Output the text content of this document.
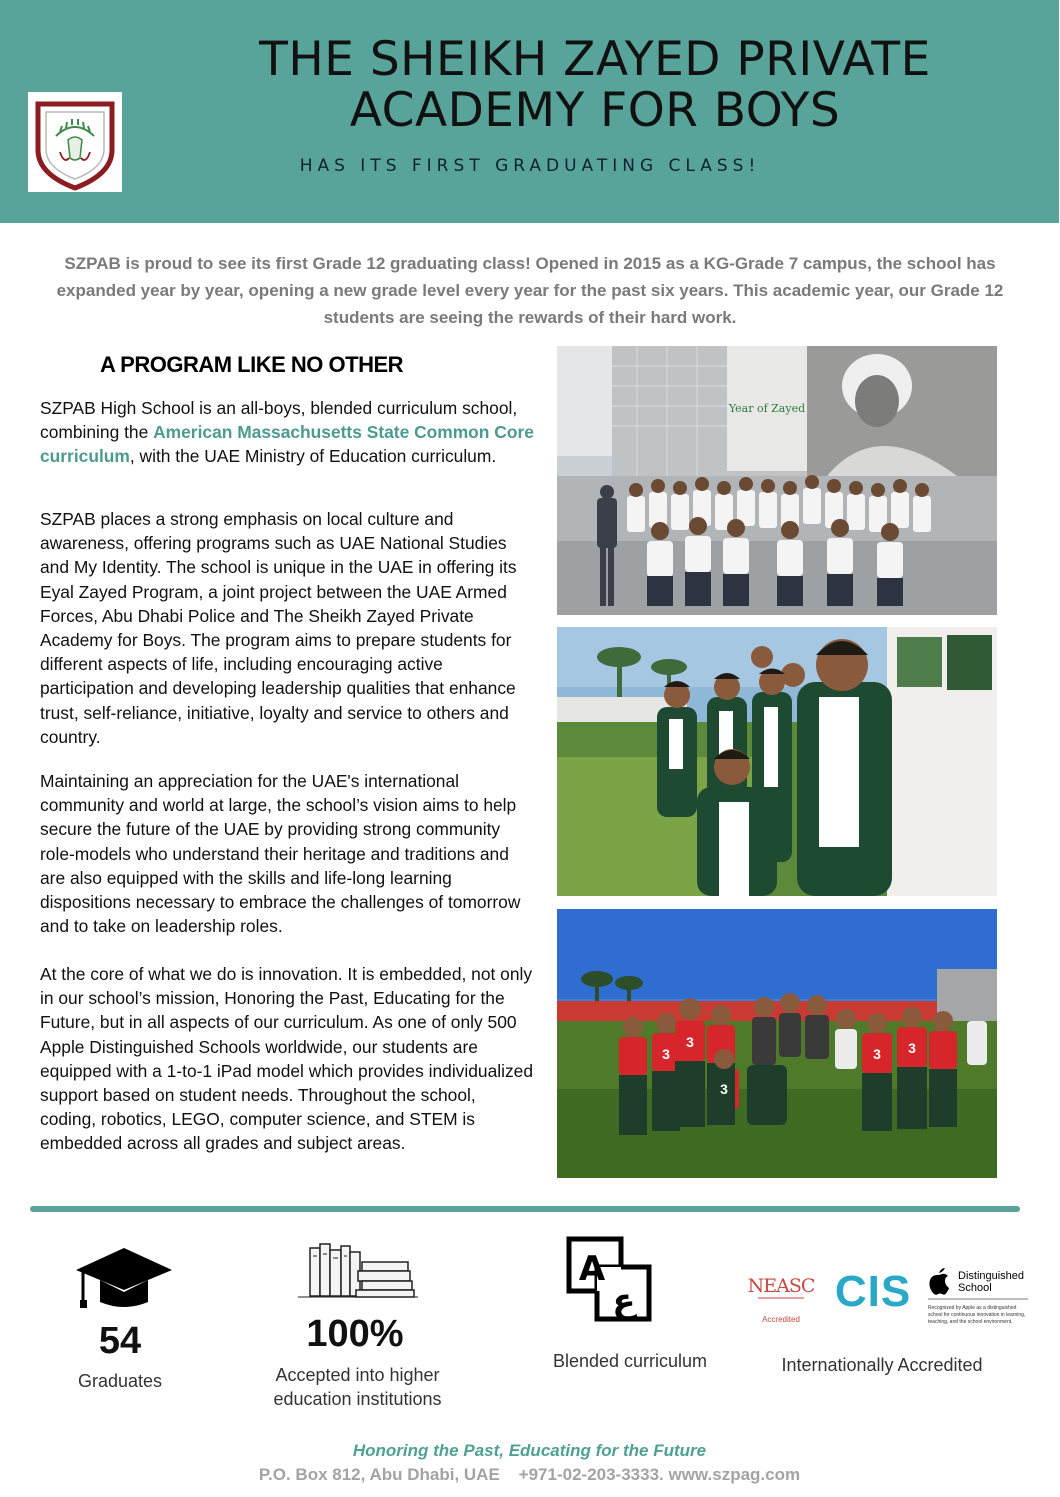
THE SHEIKH ZAYED PRIVATE
ACADEMY FOR BOYS
HAS ITS FIRST GRADUATING CLASS!
SZPAB is proud to see its first Grade 12 graduating class! Opened in 2015 as a KG-Grade 7 campus, the school has expanded year by year, opening a new grade level every year for the past six years. This academic year, our Grade 12 students are seeing the rewards of their hard work.
A PROGRAM LIKE NO OTHER
SZPAB High School is an all-boys, blended curriculum school, combining the American Massachusetts State Common Core curriculum, with the UAE Ministry of Education curriculum.
SZPAB places a strong emphasis on local culture and awareness, offering programs such as UAE National Studies and My Identity. The school is unique in the UAE in offering its Eyal Zayed Program, a joint project between the UAE Armed Forces, Abu Dhabi Police and The Sheikh Zayed Private Academy for Boys. The program aims to prepare students for different aspects of life, including encouraging active participation and developing leadership qualities that enhance trust, self-reliance, initiative, loyalty and service to others and country.
Maintaining an appreciation for the UAE's international community and world at large, the school’s vision aims to help secure the future of the UAE by providing strong community role-models who understand their heritage and traditions and are also equipped with the skills and life-long learning dispositions necessary to embrace the challenges of tomorrow and to take on leadership roles.
At the core of what we do is innovation. It is embedded, not only in our school’s mission, Honoring the Past, Educating for the Future, but in all aspects of our curriculum. As one of only 500 Apple Distinguished Schools worldwide, our students are equipped with a 1-to-1 iPad model which provides individualized support based on student needs. Throughout the school, coding, robotics, LEGO, computer science, and STEM is embedded across all grades and subject areas.
Year of Zayed
3
3
3 3
3
54
Graduates
100%
Accepted into higher
education institutions
A
ع
Blended curriculum
NEASC
Accredited
CIS	Distinguished
School
Recognized by Apple as a distinguished
school for continuous innovation in learning,
teaching, and the school environment.
Internationally Accredited
Honoring the Past, Educating for the Future
P.O. Box 812, Abu Dhabi, UAE    +971-02-203-3333. www.szpag.com
